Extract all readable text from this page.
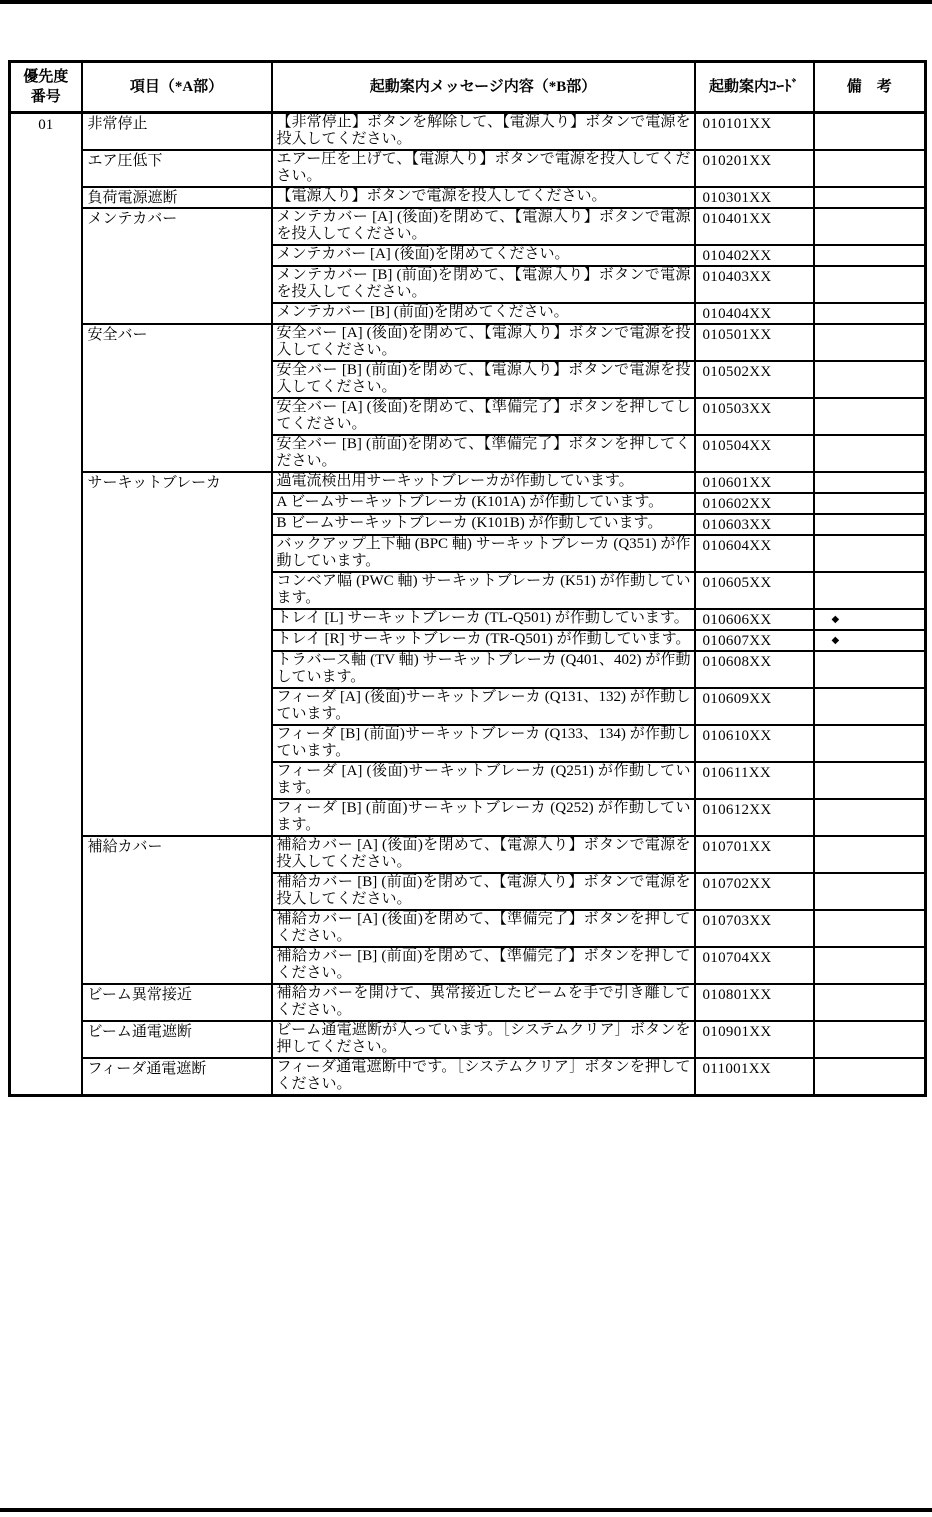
優先度
番号	項目（*A部）	起動案内メッセージ内容（*B部）	起動案内ｺｰﾄﾞ	備　考
01	非常停止	【非常停止】ボタンを解除して、【電源入り】ボタンで電源を投入してください。	010101XX	
	エア圧低下	エアー圧を上げて、【電源入り】ボタンで電源を投入してください。	010201XX	
	負荷電源遮断	【電源入り】ボタンで電源を投入してください。	010301XX	
	メンテカバー	メンテカバー [A] (後面)を閉めて、【電源入り】ボタンで電源を投入してください。	010401XX	
		メンテカバー [A] (後面)を閉めてください。	010402XX	
		メンテカバー [B] (前面)を閉めて、【電源入り】ボタンで電源を投入してください。	010403XX	
		メンテカバー [B] (前面)を閉めてください。	010404XX	
	安全バー	安全バー [A] (後面)を閉めて、【電源入り】ボタンで電源を投入してください。	010501XX	
		安全バー [B] (前面)を閉めて、【電源入り】ボタンで電源を投入してください。	010502XX	
		安全バー [A] (後面)を閉めて、【準備完了】ボタンを押してしてください。	010503XX	
		安全バー [B] (前面)を閉めて、【準備完了】ボタンを押してください。	010504XX	
	サーキットブレーカ	過電流検出用サーキットブレーカが作動しています。	010601XX	
		A ビームサーキットブレーカ (K101A) が作動しています。	010602XX	
		B ビームサーキットブレーカ (K101B) が作動しています。	010603XX	
		バックアップ上下軸 (BPC 軸) サーキットブレーカ (Q351) が作動しています。	010604XX	
		コンベア幅 (PWC 軸) サーキットブレーカ (K51) が作動しています。	010605XX	
		トレイ [L] サーキットブレーカ (TL-Q501) が作動しています。	010606XX	◆
		トレイ [R] サーキットブレーカ (TR-Q501) が作動しています。	010607XX	◆
		トラバース軸 (TV 軸) サーキットブレーカ (Q401、402) が作動しています。	010608XX	
		フィーダ [A] (後面)サーキットブレーカ (Q131、132) が作動しています。	010609XX	
		フィーダ [B] (前面)サーキットブレーカ (Q133、134) が作動しています。	010610XX	
		フィーダ [A] (後面)サーキットブレーカ (Q251) が作動しています。	010611XX	
		フィーダ [B] (前面)サーキットブレーカ (Q252) が作動しています。	010612XX	
	補給カバー	補給カバー [A] (後面)を閉めて、【電源入り】ボタンで電源を投入してください。	010701XX	
		補給カバー [B] (前面)を閉めて、【電源入り】ボタンで電源を投入してください。	010702XX	
		補給カバー [A] (後面)を閉めて、【準備完了】ボタンを押してください。	010703XX	
		補給カバー [B] (前面)を閉めて、【準備完了】ボタンを押してください。	010704XX	
	ビーム異常接近	補給カバーを開けて、異常接近したビームを手で引き離してください。	010801XX	
	ビーム通電遮断	ビーム通電遮断が入っています。［システムクリア］ボタンを押してください。	010901XX	
	フィーダ通電遮断	フィーダ通電遮断中です。［システムクリア］ボタンを押してください。	011001XX	
